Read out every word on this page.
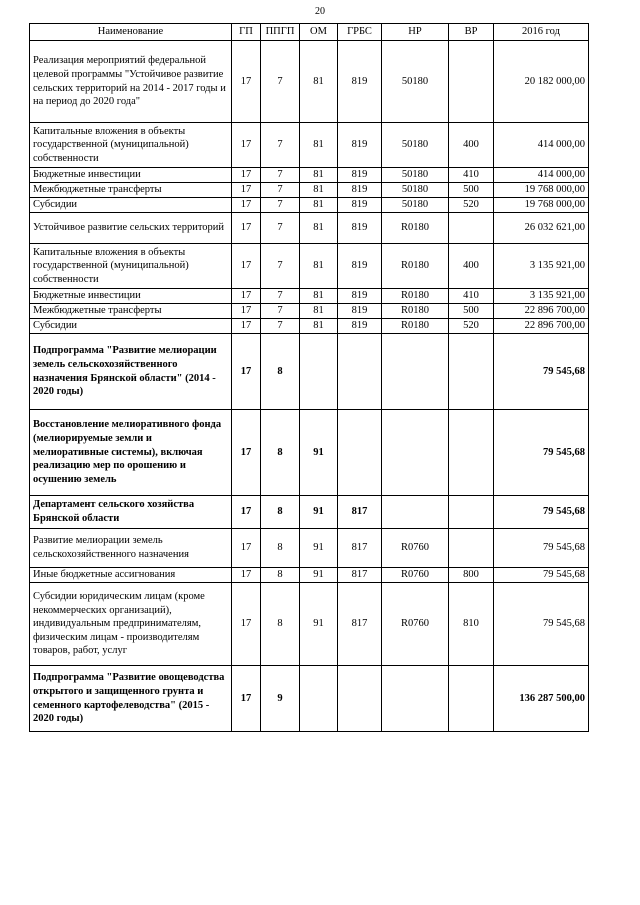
20
Наименование	ГП	ППГП	ОМ	ГРБС	НР	ВР	2016 год
Реализация мероприятий федеральной целевой программы "Устойчивое развитие сельских территорий на 2014 - 2017 годы и на период до 2020 года"	17	7	81	819	50180		20 182 000,00
Капитальные вложения в объекты государственной (муниципальной) собственности	17	7	81	819	50180	400	414 000,00
Бюджетные инвестиции	17	7	81	819	50180	410	414 000,00
Межбюджетные трансферты	17	7	81	819	50180	500	19 768 000,00
Субсидии	17	7	81	819	50180	520	19 768 000,00
Устойчивое развитие сельских территорий	17	7	81	819	R0180		26 032 621,00
Капитальные вложения в объекты государственной (муниципальной) собственности	17	7	81	819	R0180	400	3 135 921,00
Бюджетные инвестиции	17	7	81	819	R0180	410	3 135 921,00
Межбюджетные трансферты	17	7	81	819	R0180	500	22 896 700,00
Субсидии	17	7	81	819	R0180	520	22 896 700,00
Подпрограмма "Развитие мелиорации земель сельскохозяйственного назначения Брянской области" (2014 - 2020 годы)	17	8					79 545,68
Восстановление мелиоративного фонда (мелиорируемые земли и мелиоративные системы), включая реализацию мер по орошению и осушению земель	17	8	91				79 545,68
Департамент сельского хозяйства Брянской области	17	8	91	817			79 545,68
Развитие мелиорации земель сельскохозяйственного назначения	17	8	91	817	R0760		79 545,68
Иные бюджетные ассигнования	17	8	91	817	R0760	800	79 545,68
Субсидии юридическим лицам (кроме некоммерческих организаций), индивидуальным предпринимателям, физическим лицам - производителям товаров, работ, услуг	17	8	91	817	R0760	810	79 545,68
Подпрограмма "Развитие овощеводства открытого и защищенного грунта и семенного картофелеводства" (2015 - 2020 годы)	17	9					136 287 500,00
